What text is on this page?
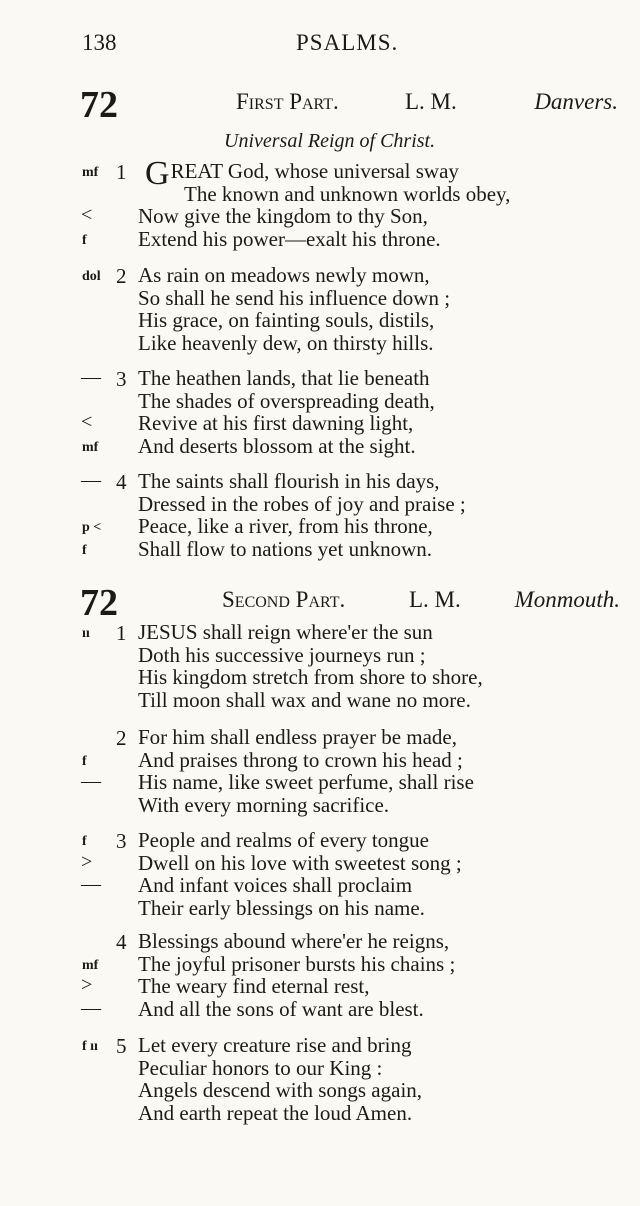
138	PSALMS.
72	First Part.	L. M.	Danvers.
Universal Reign of Christ.
1
mf GREAT God, whose universal sway
The known and unknown worlds obey,
< Now give the kingdom to thy Son,
f Extend his power—exalt his throne.
2
dol As rain on meadows newly mown,
So shall he send his influence down ;
His grace, on fainting souls, distils,
Like heavenly dew, on thirsty hills.
3
— The heathen lands, that lie beneath
The shades of overspreading death,
< Revive at his first dawning light,
mf And deserts blossom at the sight.
4
— The saints shall flourish in his days,
Dressed in the robes of joy and praise ;
p < Peace, like a river, from his throne,
f Shall flow to nations yet unknown.
72	Second Part.	L. M. Monmouth.
1
ıı JESUS shall reign where'er the sun
Doth his successive journeys run ;
His kingdom stretch from shore to shore,
Till moon shall wax and wane no more.
2 For him shall endless prayer be made,
f And praises throng to crown his head ;
— His name, like sweet perfume, shall rise
With every morning sacrifice.
3
f People and realms of every tongue
> Dwell on his love with sweetest song ;
— And infant voices shall proclaim
Their early blessings on his name.
4 Blessings abound where'er he reigns,
mf The joyful prisoner bursts his chains ;
> The weary find eternal rest,
— And all the sons of want are blest.
5
f ıı Let every creature rise and bring
Peculiar honors to our King :
Angels descend with songs again,
And earth repeat the loud Amen.
